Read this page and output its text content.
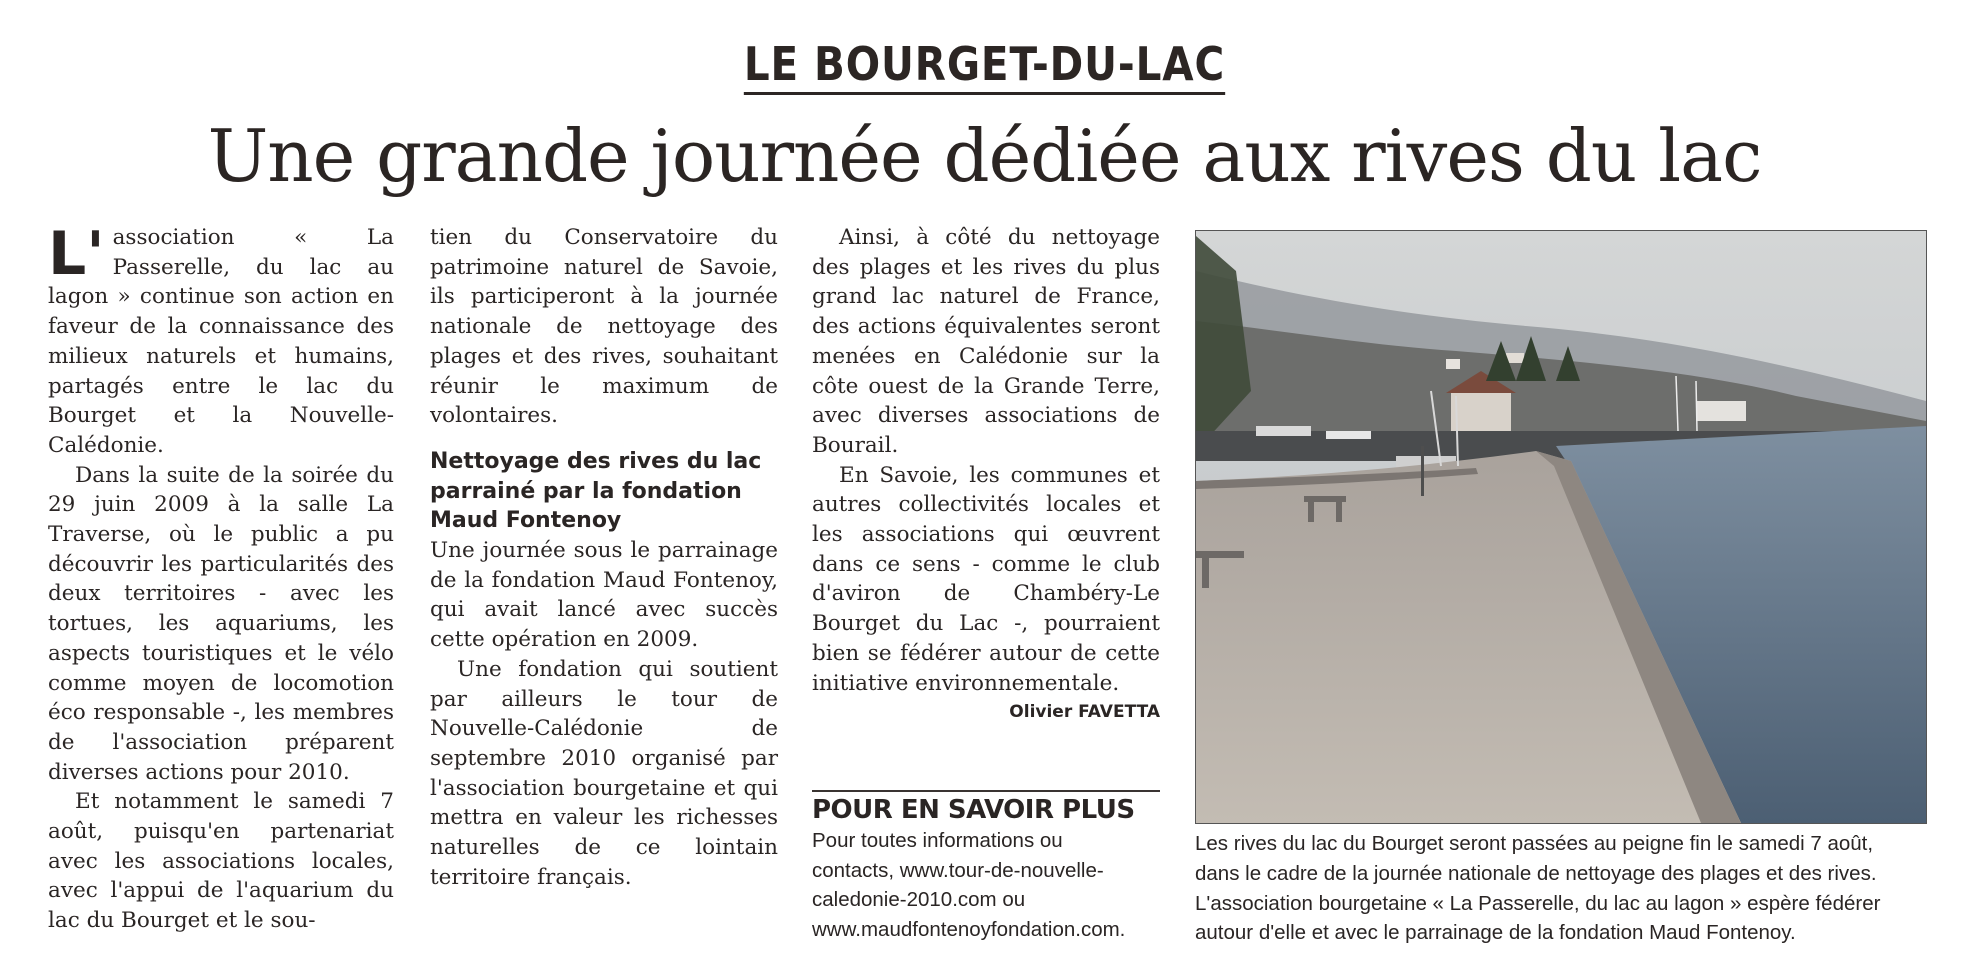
LE BOURGET-DU-LAC
Une grande journée dédiée aux rives du lac

L' association « La Passerelle, du lac au lagon » continue son action en faveur de la connaissance des milieux naturels et humains, partagés entre le lac du Bourget et la Nouvelle-Calédonie.

Dans la suite de la soirée du 29 juin 2009 à la salle La Traverse, où le public a pu découvrir les particularités des deux territoires - avec les tortues, les aquariums, les aspects touristiques et le vélo comme moyen de locomotion éco responsable -, les membres de l'association préparent diverses actions pour 2010.

Et notamment le samedi 7 août, puisqu'en partenariat avec les associations locales, avec l'appui de l'aquarium du lac du Bourget et le sou-

tien du Conservatoire du patrimoine naturel de Savoie, ils participeront à la journée nationale de nettoyage des plages et des rives, souhaitant réunir le maximum de volontaires.

Nettoyage des rives du lac parrainé par la fondation Maud Fontenoy

Une journée sous le parrainage de la fondation Maud Fontenoy, qui avait lancé avec succès cette opération en 2009.

Une fondation qui soutient par ailleurs le tour de Nouvelle-Calédonie de septembre 2010 organisé par l'association bourgetaine et qui mettra en valeur les richesses naturelles de ce lointain territoire français.

Ainsi, à côté du nettoyage des plages et les rives du plus grand lac naturel de France, des actions équivalentes seront menées en Calédonie sur la côte ouest de la Grande Terre, avec diverses associations de Bourail.

En Savoie, les communes et autres collectivités locales et les associations qui œuvrent dans ce sens - comme le club d'aviron de Chambéry-Le Bourget du Lac -, pourraient bien se fédérer autour de cette initiative environnementale.

Olivier FAVETTA
POUR EN SAVOIR PLUS
Pour toutes informations ou
contacts, www.tour-de-nouvelle-
caledonie-2010.com ou
www.maudfontenoyfondation.com.

Les rives du lac du Bourget seront passées au peigne fin le samedi 7 août,

dans le cadre de la journée nationale de nettoyage des plages et des rives.

L'association bourgetaine « La Passerelle, du lac au lagon » espère fédérer

autour d'elle et avec le parrainage de la fondation Maud Fontenoy.
